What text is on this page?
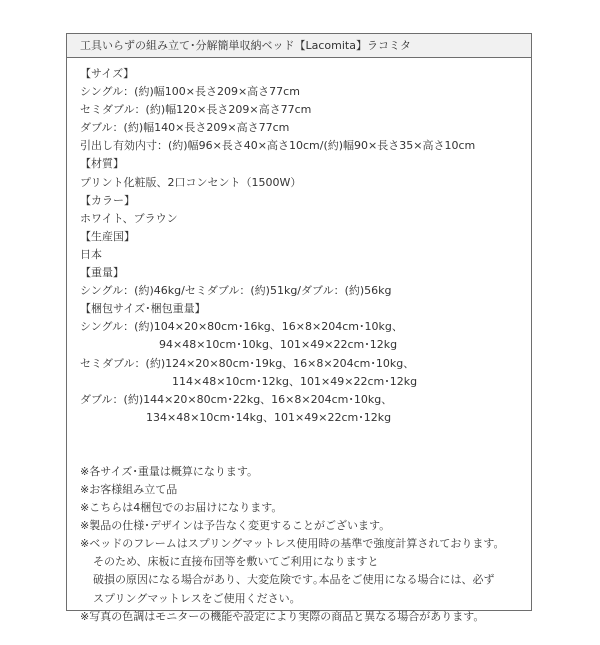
工具いらずの組み立て･分解簡単収納ベッド【Lacomita】ラコミタ
【サイズ】
シングル：(約)幅100×長さ209×高さ77cm
セミダブル：(約)幅120×長さ209×高さ77cm
ダブル：(約)幅140×長さ209×高さ77cm
引出し有効内寸：(約)幅96×長さ40×高さ10cm/(約)幅90×長さ35×高さ10cm
【材質】
プリント化粧版、2口コンセント（1500W）
【カラー】
ホワイト、ブラウン
【生産国】
日本
【重量】
シングル：(約)46kg/セミダブル：(約)51kg/ダブル：(約)56kg
【梱包サイズ･梱包重量】
シングル：(約)104×20×80cm･16kg、16×8×204cm･10kg、
94×48×10cm･10kg、101×49×22cm･12kg
セミダブル：(約)124×20×80cm･19kg、16×8×204cm･10kg、
114×48×10cm･12kg、101×49×22cm･12kg
ダブル：(約)144×20×80cm･22kg、16×8×204cm･10kg、
134×48×10cm･14kg、101×49×22cm･12kg
※各サイズ･重量は概算になります。
※お客様組み立て品
※こちらは4梱包でのお届けになります。
※製品の仕様･デザインは予告なく変更することがございます。
※ベッドのフレームはスプリングマットレス使用時の基準で強度計算されております。
そのため、床板に直接布団等を敷いてご利用になりますと
破損の原因になる場合があり、大変危険です｡本品をご使用になる場合には、必ず
スプリングマットレスをご使用ください。
※写真の色調はモニターの機能や設定により実際の商品と異なる場合があります。
